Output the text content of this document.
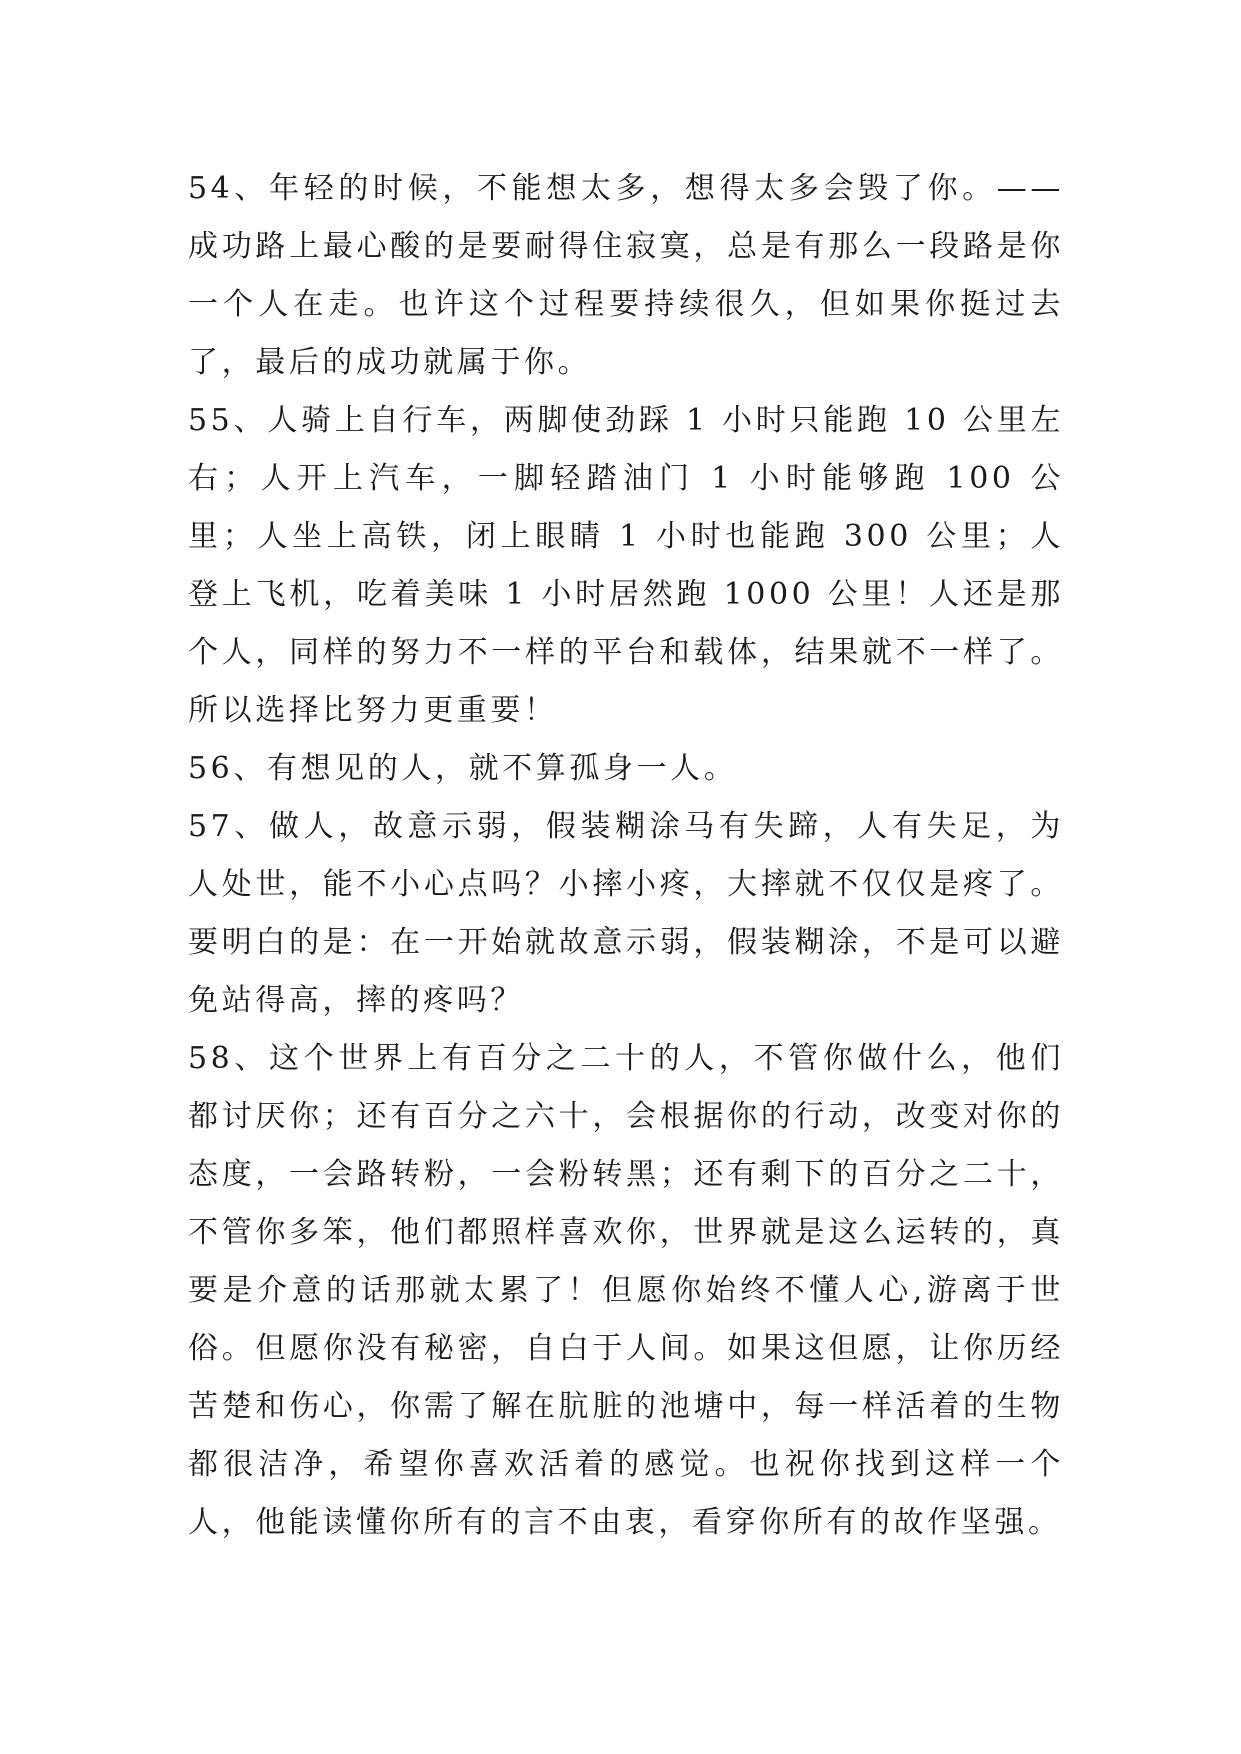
54、年轻的时候，不能想太多，想得太多会毁了你。——成功路上最心酸的是要耐得住寂寞，总是有那么一段路是你一个人在走。也许这个过程要持续很久，但如果你挺过去了，最后的成功就属于你。

55、人骑上自行车，两脚使劲踩 1 小时只能跑 10 公里左右；人开上汽车，一脚轻踏油门 1 小时能够跑 100 公里；人坐上高铁，闭上眼睛 1 小时也能跑 300 公里；人登上飞机，吃着美味 1 小时居然跑 1000 公里！人还是那个人，同样的努力不一样的平台和载体，结果就不一样了。所以选择比努力更重要！

56、有想见的人，就不算孤身一人。

57、做人，故意示弱，假装糊涂马有失蹄，人有失足，为人处世，能不小心点吗？小摔小疼，大摔就不仅仅是疼了。要明白的是：在一开始就故意示弱，假装糊涂，不是可以避免站得高，摔的疼吗？

58、这个世界上有百分之二十的人，不管你做什么，他们都讨厌你；还有百分之六十，会根据你的行动，改变对你的态度，一会路转粉，一会粉转黑；还有剩下的百分之二十，不管你多笨，他们都照样喜欢你，世界就是这么运转的，真要是介意的话那就太累了！但愿你始终不懂人心,游离于世俗。但愿你没有秘密，自白于人间。如果这但愿，让你历经苦楚和伤心，你需了解在肮脏的池塘中，每一样活着的生物都很洁净，希望你喜欢活着的感觉。也祝你找到这样一个人，他能读懂你所有的言不由衷，看穿你所有的故作坚强。
